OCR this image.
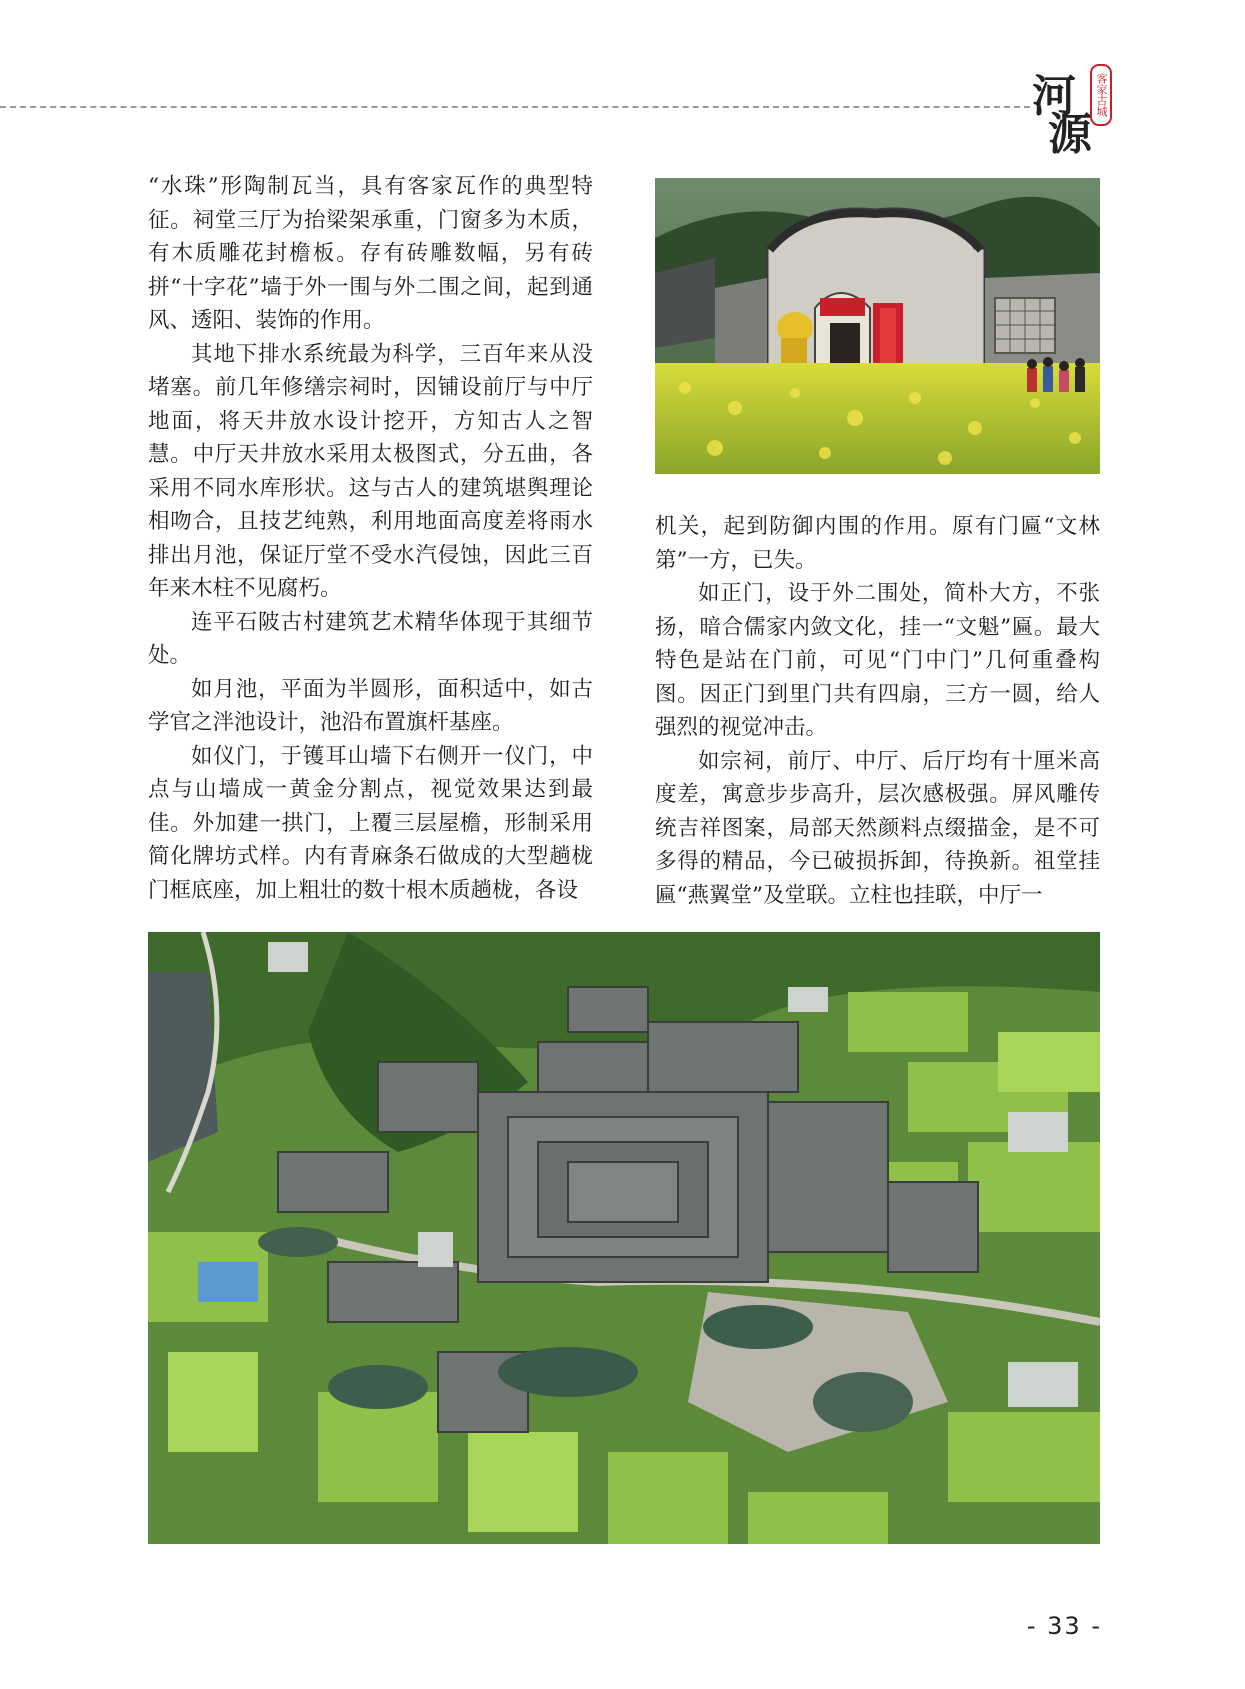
河
源
客家古城

“水珠”形陶制瓦当，具有客家瓦作的典型特征。祠堂三厅为抬梁架承重，门窗多为木质，有木质雕花封檐板。存有砖雕数幅，另有砖拼“十字花”墙于外一围与外二围之间，起到通风、透阳、装饰的作用。

其地下排水系统最为科学，三百年来从没堵塞。前几年修缮宗祠时，因铺设前厅与中厅地面，将天井放水设计挖开，方知古人之智慧。中厅天井放水采用太极图式，分五曲，各采用不同水库形状。这与古人的建筑堪舆理论相吻合，且技艺纯熟，利用地面高度差将雨水排出月池，保证厅堂不受水汽侵蚀，因此三百年来木柱不见腐朽。

连平石陂古村建筑艺术精华体现于其细节处。

如月池，平面为半圆形，面积适中，如古学官之泮池设计，池沿布置旗杆基座。

如仪门，于镬耳山墙下右侧开一仪门，中点与山墙成一黄金分割点，视觉效果达到最佳。外加建一拱门，上覆三层屋檐，形制采用简化牌坊式样。内有青麻条石做成的大型趟栊门框底座，加上粗壮的数十根木质趟栊，各设

机关，起到防御内围的作用。原有门匾“文林第”一方，已失。

如正门，设于外二围处，简朴大方，不张扬，暗合儒家内敛文化，挂一“文魁”匾。最大特色是站在门前，可见“门中门”几何重叠构图。因正门到里门共有四扇，三方一圆，给人强烈的视觉冲击。

如宗祠，前厅、中厅、后厅均有十厘米高度差，寓意步步高升，层次感极强。屏风雕传统吉祥图案，局部天然颜料点缀描金，是不可多得的精品，今已破损拆卸，待换新。祖堂挂匾“燕翼堂”及堂联。立柱也挂联，中厅一

- 33 -
